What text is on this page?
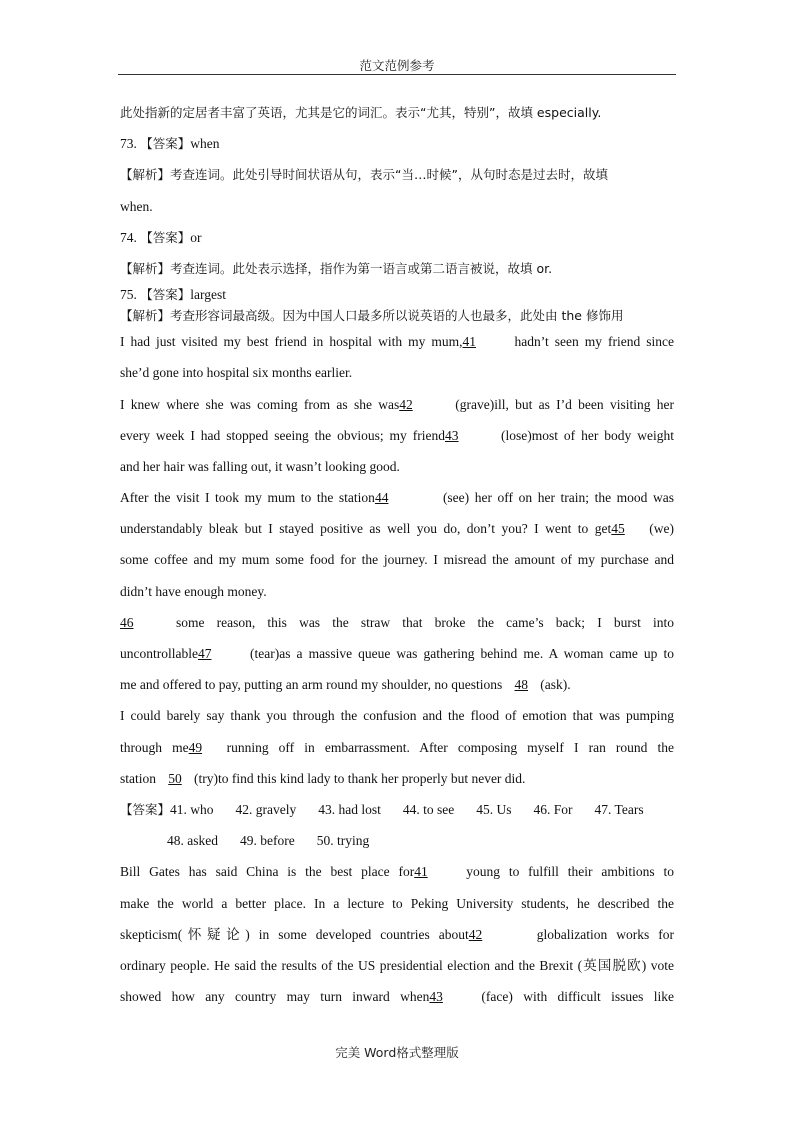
范文范例参考
此处指新的定居者丰富了英语，尤其是它的词汇。表示“尤其，特别”，故填 especially.
73. 【答案】when
【解析】考查连词。此处引导时间状语从句，表示“当…时候”，从句时态是过去时，故填
when.
74. 【答案】or
【解析】考查连词。此处表示选择，指作为第一语言或第二语言被说，故填 or.
75. 【答案】largest
【解析】考查形容词最高级。因为中国人口最多所以说英语的人也最多，此处由 the 修饰用
I had just visited my best friend in hospital with my mum,41	hadn’t seen my friend since
she’d gone into hospital six months earlier.
I knew where she was coming from as she was42	(grave)ill, but as I’d been visiting her
every week I had stopped seeing the obvious; my friend43	(lose)most of her body weight
and her hair was falling out, it wasn’t looking good.
After the visit I took my mum to the station44	(see) her off on her train; the mood was
understandably bleak but I stayed positive as well you do, don’t you? I went to get45 (we)
some coffee and my mum some food for the journey. I misread the amount of my purchase and
didn’t have enough money.
46	some reason, this was the straw that broke the came’s back; I burst into
uncontrollable47	(tear)as a massive queue was gathering behind me. A woman came up to
me and offered to pay, putting an arm round my shoulder, no questions 48 (ask).
I could barely say thank you through the confusion and the flood of emotion that was pumping
through me49 running off in embarrassment. After composing myself I ran round the
station 50 (try)to find this kind lady to thank her properly but never did.
【答案】41. who 42. gravely 43. had lost 44. to see 45. Us 46. For 47. Tears
48. asked 49. before 50. trying
Bill Gates has said China is the best place for41	young to fulfill their ambitions to
make the world a better place. In a lecture to Peking University students, he described the
skepticism(怀疑论) in some developed countries about42	globalization works for
ordinary people. He said the results of the US presidential election and the Brexit (英国脱欧) vote
showed how any country may turn inward when43	(face) with difficult issues like
完美 Word格式整理版
